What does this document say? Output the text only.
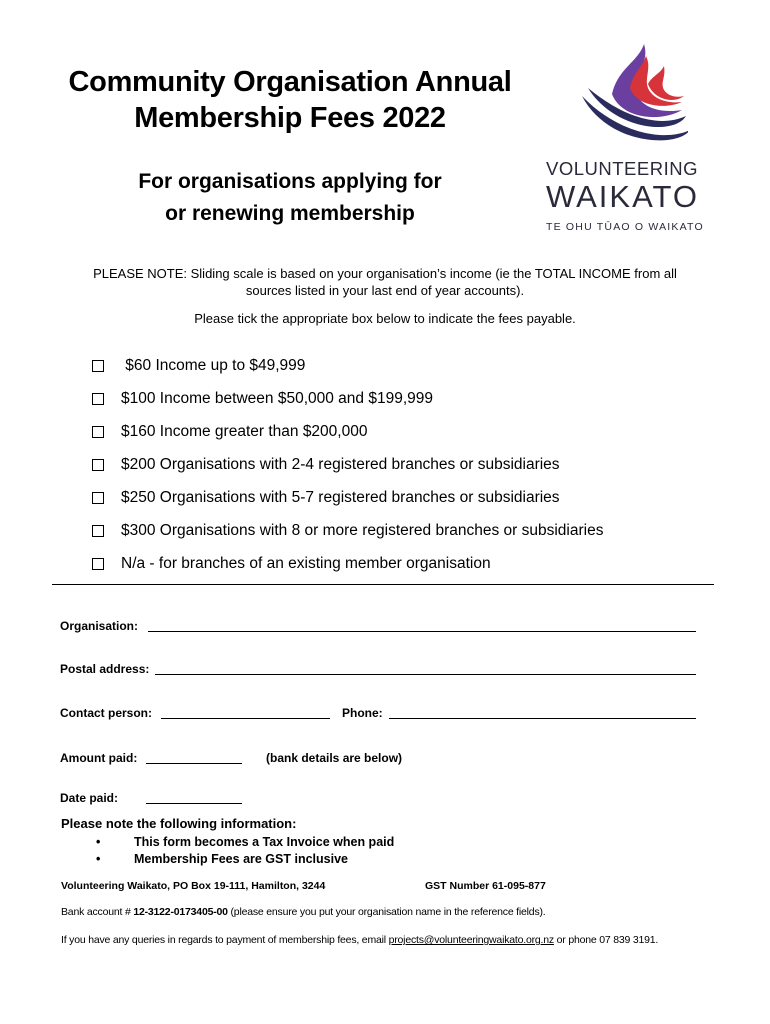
Community Organisation Annual
Membership Fees 2022
For organisations applying for
or renewing membership
VOLUNTEERING
WAIKATO
TE OHU TŪAO O WAIKATO
PLEASE NOTE: Sliding scale is based on your organisation’s income (ie the TOTAL INCOME from all
sources listed in your last end of year accounts).
Please tick the appropriate box below to indicate the fees payable.
$60 Income up to $49,999
$100 Income between $50,000 and $199,999
$160 Income greater than $200,000
$200 Organisations with 2-4 registered branches or subsidiaries
$250 Organisations with 5-7 registered branches or subsidiaries
$300 Organisations with 8 or more registered branches or subsidiaries
N/a - for branches of an existing member organisation
Organisation:
Postal address:
Contact person:	Phone:
Amount paid:	(bank details are below)
Date paid:
Please note the following information:
•	This form becomes a Tax Invoice when paid
•	Membership Fees are GST inclusive
Volunteering Waikato, PO Box 19-111, Hamilton, 3244	GST Number 61-095-877
Bank account # 12-3122-0173405-00 (please ensure you put your organisation name in the reference fields).
If you have any queries in regards to payment of membership fees, email projects@volunteeringwaikato.org.nz or phone 07 839 3191.
